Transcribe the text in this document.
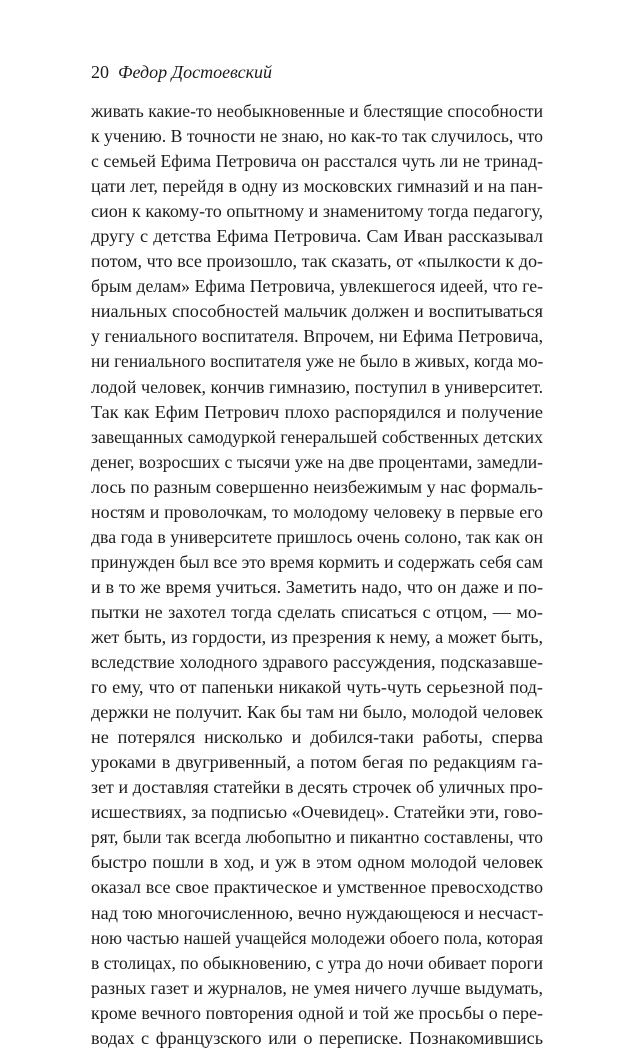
20 Федор Достоевский
живать какие-то необыкновенные и блестящие способности
к учению. В точности не знаю, но как-то так случилось, что
с семьей Ефима Петровича он расстался чуть ли не тринад-
цати лет, перейдя в одну из московских гимназий и на пан-
сион к какому-то опытному и знаменитому тогда педагогу,
другу с детства Ефима Петровича. Сам Иван рассказывал
потом, что все произошло, так сказать, от «пылкости к до-
брым делам» Ефима Петровича, увлекшегося идеей, что ге-
ниальных способностей мальчик должен и воспитываться
у гениального воспитателя. Впрочем, ни Ефима Петровича,
ни гениального воспитателя уже не было в живых, когда мо-
лодой человек, кончив гимназию, поступил в университет.
Так как Ефим Петрович плохо распорядился и получение
завещанных самодуркой генеральшей собственных детских
денег, возросших с тысячи уже на две процентами, замедли-
лось по разным совершенно неизбежимым у нас формаль-
ностям и проволочкам, то молодому человеку в первые его
два года в университете пришлось очень солоно, так как он
принужден был все это время кормить и содержать себя сам
и в то же время учиться. Заметить надо, что он даже и по-
пытки не захотел тогда сделать списаться с отцом, — мо-
жет быть, из гордости, из презрения к нему, а может быть,
вследствие холодного здравого рассуждения, подсказавше-
го ему, что от папеньки никакой чуть-чуть серьезной под-
держки не получит. Как бы там ни было, молодой человек
не потерялся нисколько и добился-таки работы, сперва
уроками в двугривенный, а потом бегая по редакциям га-
зет и доставляя статейки в десять строчек об уличных про-
исшествиях, за подписью «Очевидец». Статейки эти, гово-
рят, были так всегда любопытно и пикантно составлены, что
быстро пошли в ход, и уж в этом одном молодой человек
оказал все свое практическое и умственное превосходство
над тою многочисленною, вечно нуждающеюся и несчаст-
ною частью нашей учащейся молодежи обоего пола, которая
в столицах, по обыкновению, с утра до ночи обивает пороги
разных газет и журналов, не умея ничего лучше выдумать,
кроме вечного повторения одной и той же просьбы о пере-
водах с французского или о переписке. Познакомившись
